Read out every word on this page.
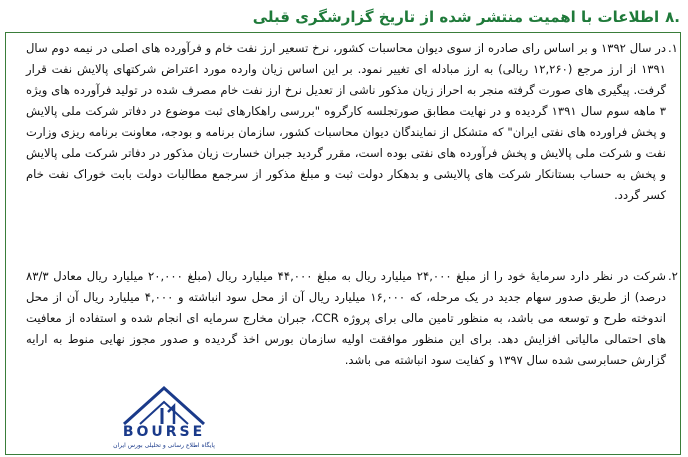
.۸
اطلاعات با اهمیت منتشر شده از تاریخ گزارشگری قبلی
.۱
در سال ۱۳۹۲ و بر اساس رای صادره از سوی دیوان محاسبات کشور، نرخ تسعیر ارز نفت خام و فرآورده های اصلی در نیمه دوم سال ۱۳۹۱ از ارز مرجع (۱۲,۲۶۰ ریالی) به ارز مبادله ای تغییر نمود. بر این اساس زیان وارده مورد اعتراض شرکتهای پالایش نفت قرار گرفت. پیگیری های صورت گرفته منجر به احراز زیان مذکور ناشی از تعدیل نرخ ارز نفت خام مصرف شده در تولید فرآورده های ویژه ۳ ماهه سوم سال ۱۳۹۱ گردیده و در نهایت مطابق صورتجلسه کارگروه "بررسی راهکارهای ثبت موضوع در دفاتر شرکت ملی پالایش و پخش فراورده های نفتی ایران" که متشکل از نمایندگان دیوان محاسبات کشور، سازمان برنامه و بودجه، معاونت برنامه ریزی وزارت نفت و شرکت ملی پالایش و پخش فرآورده های نفتی بوده است، مقرر گردید جبران خسارت زیان مذکور در دفاتر شرکت ملی پالایش و پخش به حساب بستانکار شرکت های پالایشی و بدهکار دولت ثبت و مبلغ مذکور از سرجمع مطالبات دولت بابت خوراک نفت خام کسر گردد.
.۲
شرکت در نظر دارد سرمایهٔ خود را از مبلغ ۲۴,۰۰۰ میلیارد ریال به مبلغ ۴۴,۰۰۰ میلیارد ریال (مبلغ ۲۰,۰۰۰ میلیارد ریال معادل ۸۳/۳ درصد) از طریق صدور سهام جدید در یک مرحله، که ۱۶,۰۰۰ میلیارد ریال آن از محل سود انباشته و ۴,۰۰۰ میلیارد ریال آن از محل اندوخته طرح و توسعه می باشد، به منظور تامین مالی برای پروژه CCR، جبران مخارج سرمایه ای انجام شده و استفاده از معافیت های احتمالی مالیاتی افزایش دهد. برای این منظور موافقت اولیه سازمان بورس اخذ گردیده و صدور مجوز نهایی منوط به ارایه گزارش حسابرسی شده سال ۱۳۹۷ و کفایت سود انباشته می باشد.
BOURSE
پایگاه اطلاع رسانی و تحلیلی بورس ایران
